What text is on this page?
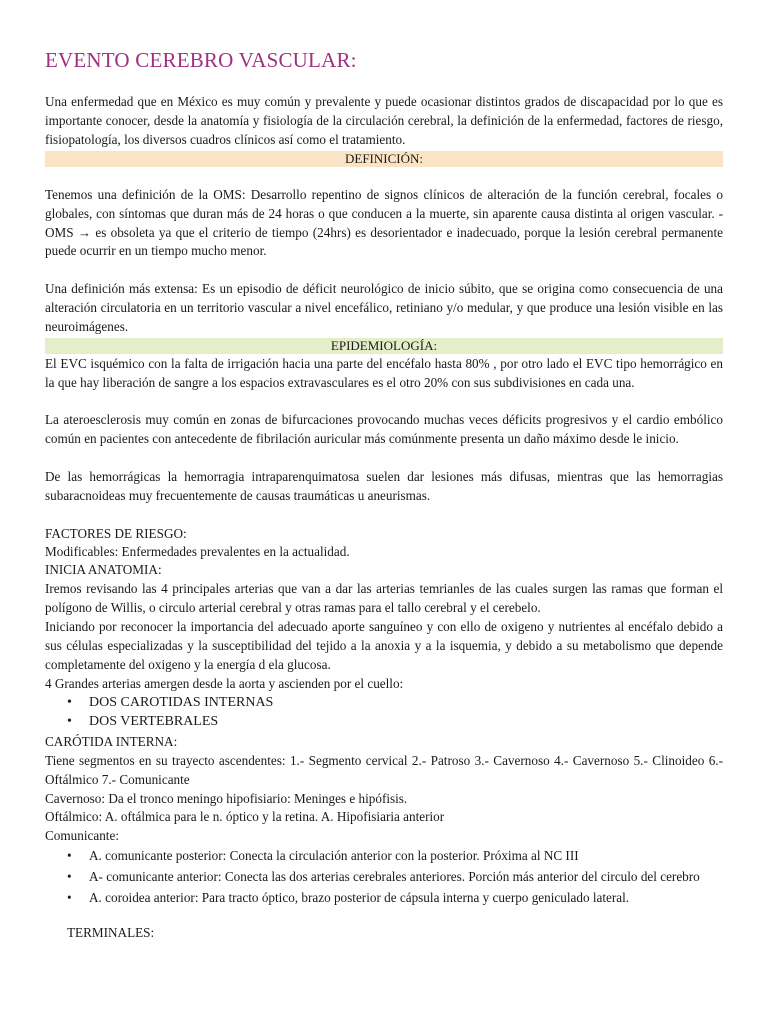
EVENTO CEREBRO VASCULAR:
Una enfermedad que en México es muy común y prevalente y puede ocasionar distintos grados de discapacidad por lo que es importante conocer, desde la anatomía y fisiología de la circulación cerebral, la definición de la enfermedad, factores de riesgo, fisiopatología, los diversos cuadros clínicos así como el tratamiento.
DEFINICIÓN:
Tenemos una definición de la OMS: Desarrollo repentino de signos clínicos de alteración de la función cerebral, focales o globales, con síntomas que duran más de 24 horas o que conducen a la muerte, sin aparente causa distinta al origen vascular. -OMS → es obsoleta ya que el criterio de tiempo (24hrs) es desorientador e inadecuado, porque la lesión cerebral permanente puede ocurrir en un tiempo mucho menor.
Una definición más extensa: Es un episodio de déficit neurológico de inicio súbito, que se origina como consecuencia de una alteración circulatoria en un territorio vascular a nivel encefálico, retiniano y/o medular, y que produce una lesión visible en las neuroimágenes.
EPIDEMIOLOGÍA:
El EVC isquémico con la falta de irrigación hacia una parte del encéfalo hasta 80% , por otro lado el EVC tipo hemorrágico en la que hay liberación de sangre a los espacios extravasculares es el otro 20% con sus subdivisiones en cada una.
La ateroesclerosis muy común en zonas de bifurcaciones provocando muchas veces déficits progresivos y el cardio embólico común en pacientes con antecedente de fibrilación auricular más comúnmente presenta un daño máximo desde le inicio.
De las hemorrágicas la hemorragia intraparenquimatosa suelen dar lesiones más difusas, mientras que las hemorragias subaracnoideas muy frecuentemente de causas traumáticas u aneurismas.
FACTORES DE RIESGO:
Modificables: Enfermedades prevalentes en la actualidad.
INICIA ANATOMIA:
Iremos revisando las 4 principales arterias que van a dar las arterias temrianles de las cuales surgen las ramas que forman el polígono de Willis, o circulo arterial cerebral y otras ramas para el tallo cerebral y el cerebelo.
Iniciando por reconocer la importancia del adecuado aporte sanguíneo y con ello de oxigeno y nutrientes al encéfalo debido a sus células especializadas y la susceptibilidad del tejido a la anoxia y a la isquemia, y debido a su metabolismo que depende completamente del oxigeno y la energía d ela glucosa.
4 Grandes arterias amergen desde la aorta y ascienden por el cuello:
• DOS CAROTIDAS INTERNAS
• DOS VERTEBRALES
CARÓTIDA INTERNA:
Tiene segmentos en su trayecto ascendentes: 1.- Segmento cervical 2.- Patroso 3.- Cavernoso 4.- Cavernoso 5.- Clinoideo 6.- Oftálmico 7.- Comunicante
Cavernoso: Da el tronco meningo hipofisiario: Meninges e hipófisis.
Oftálmico: A. oftálmica para le n. óptico y la retina. A. Hipofisiaria anterior
Comunicante:
• A. comunicante posterior: Conecta la circulación anterior con la posterior. Próxima al NC III
• A- comunicante anterior: Conecta las dos arterias cerebrales anteriores. Porción más anterior del circulo del cerebro
• A. coroidea anterior: Para tracto óptico, brazo posterior de cápsula interna y cuerpo geniculado lateral.
TERMINALES:
